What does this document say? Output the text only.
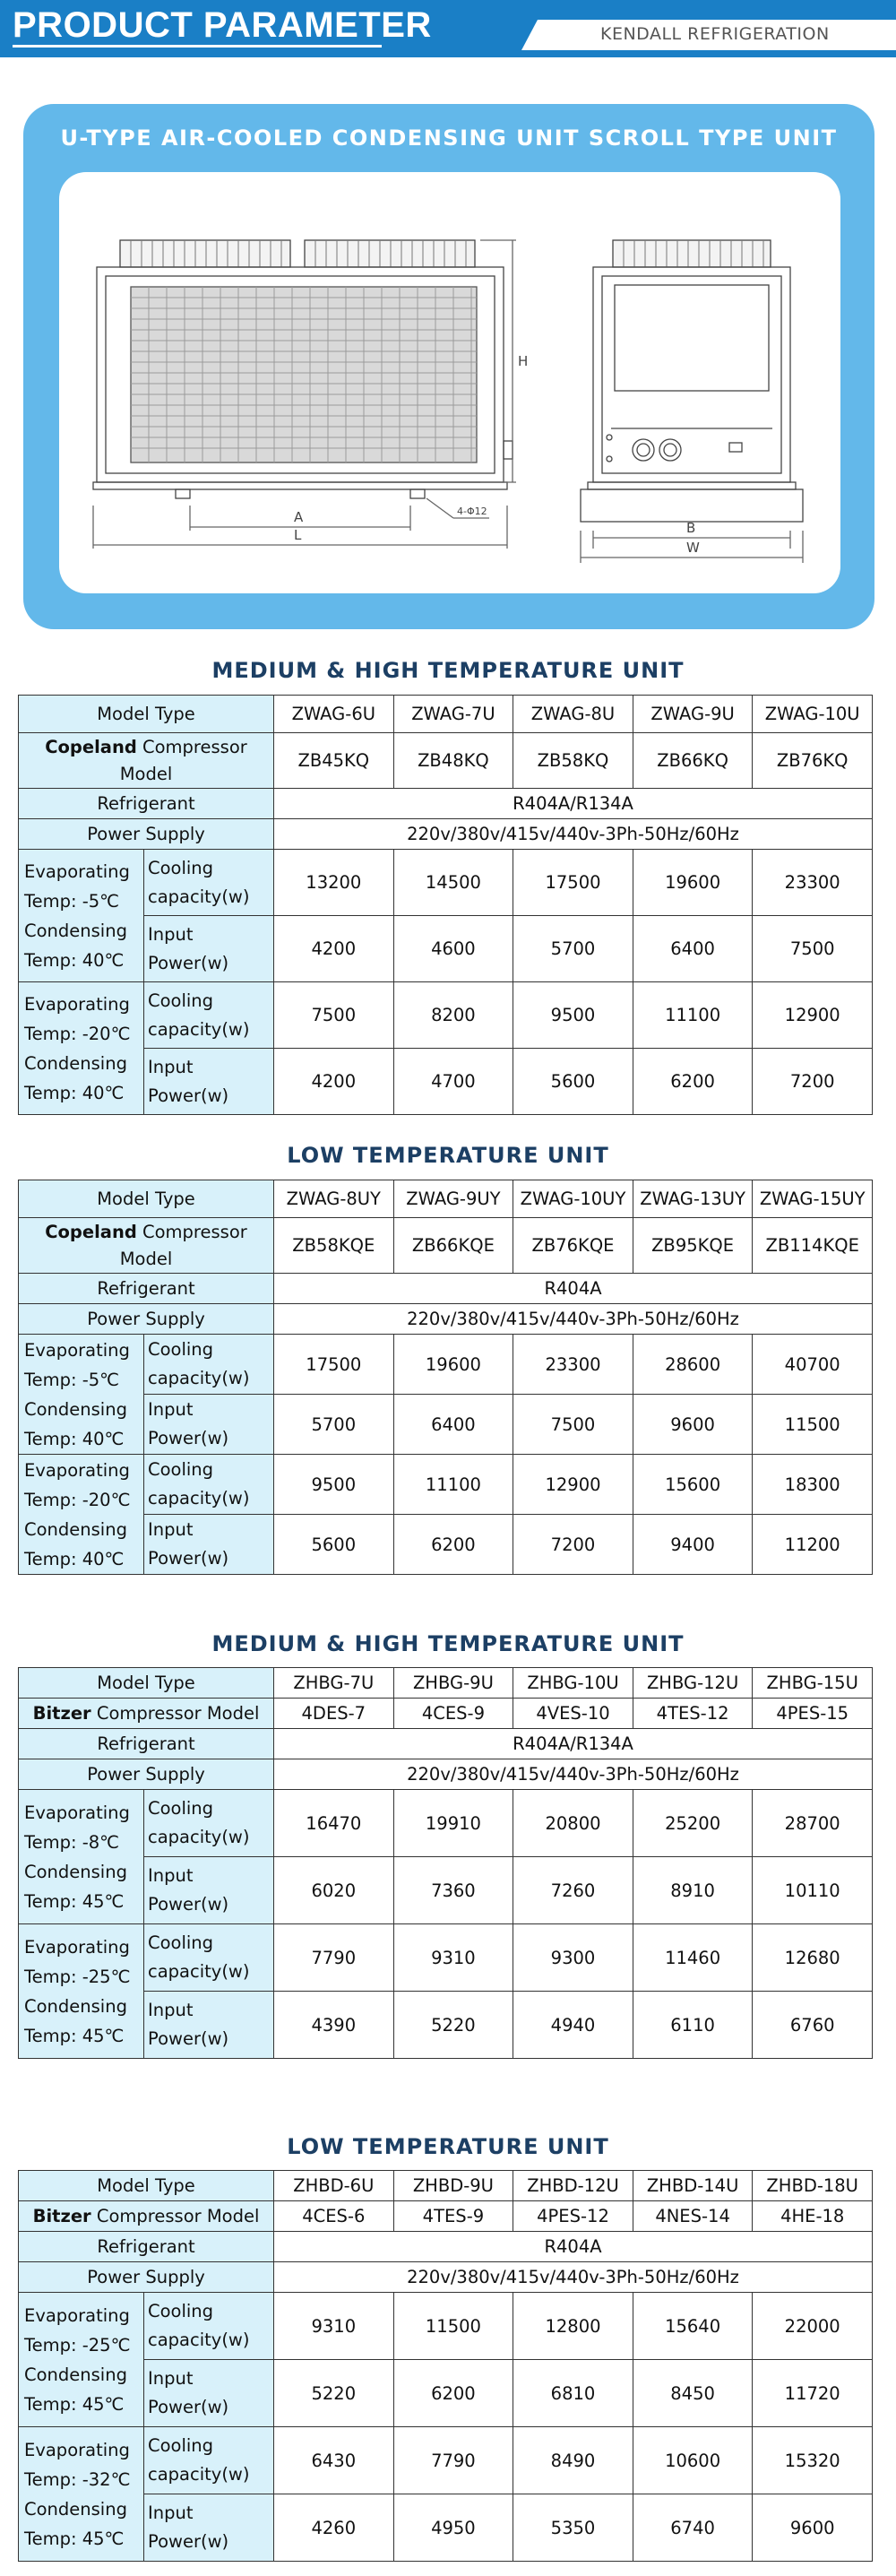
PRODUCT PARAMETER	KENDALL REFRIGERATION
U-TYPE AIR-COOLED CONDENSING UNIT SCROLL TYPE UNIT
A
L
H
B
W
4-Φ12
MEDIUM & HIGH TEMPERATURE UNIT
Model Type		ZWAG-6U	ZWAG-7U	ZWAG-8U	ZWAG-9U	ZWAG-10U
Copeland Compressor Model		ZB45KQ	ZB48KQ	ZB58KQ	ZB66KQ	ZB76KQ
Refrigerant		R404A/R134A				
Power Supply		220v/380v/415v/440v-3Ph-50Hz/60Hz				
Evaporating Temp: -5℃ Condensing Temp: 40℃	Cooling capacity(w)	13200	14500	17500	19600	23300
	Input Power(w)	4200	4600	5700	6400	7500
Evaporating Temp: -20℃ Condensing Temp: 40℃	Cooling capacity(w)	7500	8200	9500	11100	12900
	Input Power(w)	4200	4700	5600	6200	7200
LOW TEMPERATURE UNIT
Model Type		ZWAG-8UY	ZWAG-9UY	ZWAG-10UY	ZWAG-13UY	ZWAG-15UY
Copeland Compressor Model		ZB58KQE	ZB66KQE	ZB76KQE	ZB95KQE	ZB114KQE
Refrigerant		R404A				
Power Supply		220v/380v/415v/440v-3Ph-50Hz/60Hz				
Evaporating Temp: -5℃ Condensing Temp: 40℃	Cooling capacity(w)	17500	19600	23300	28600	40700
	Input Power(w)	5700	6400	7500	9600	11500
Evaporating Temp: -20℃ Condensing Temp: 40℃	Cooling capacity(w)	9500	11100	12900	15600	18300
	Input Power(w)	5600	6200	7200	9400	11200
MEDIUM & HIGH TEMPERATURE UNIT
Model Type		ZHBG-7U	ZHBG-9U	ZHBG-10U	ZHBG-12U	ZHBG-15U
Bitzer Compressor Model		4DES-7	4CES-9	4VES-10	4TES-12	4PES-15
Refrigerant		R404A/R134A				
Power Supply		220v/380v/415v/440v-3Ph-50Hz/60Hz				
Evaporating Temp: -8℃ Condensing Temp: 45℃	Cooling capacity(w)	16470	19910	20800	25200	28700
	Input Power(w)	6020	7360	7260	8910	10110
Evaporating Temp: -25℃ Condensing Temp: 45℃	Cooling capacity(w)	7790	9310	9300	11460	12680
	Input Power(w)	4390	5220	4940	6110	6760
LOW TEMPERATURE UNIT
Model Type		ZHBD-6U	ZHBD-9U	ZHBD-12U	ZHBD-14U	ZHBD-18U
Bitzer Compressor Model		4CES-6	4TES-9	4PES-12	4NES-14	4HE-18
Refrigerant		R404A				
Power Supply		220v/380v/415v/440v-3Ph-50Hz/60Hz				
Evaporating Temp: -25℃ Condensing Temp: 45℃	Cooling capacity(w)	9310	11500	12800	15640	22000
	Input Power(w)	5220	6200	6810	8450	11720
Evaporating Temp: -32℃ Condensing Temp: 45℃	Cooling capacity(w)	6430	7790	8490	10600	15320
	Input Power(w)	4260	4950	5350	6740	9600
